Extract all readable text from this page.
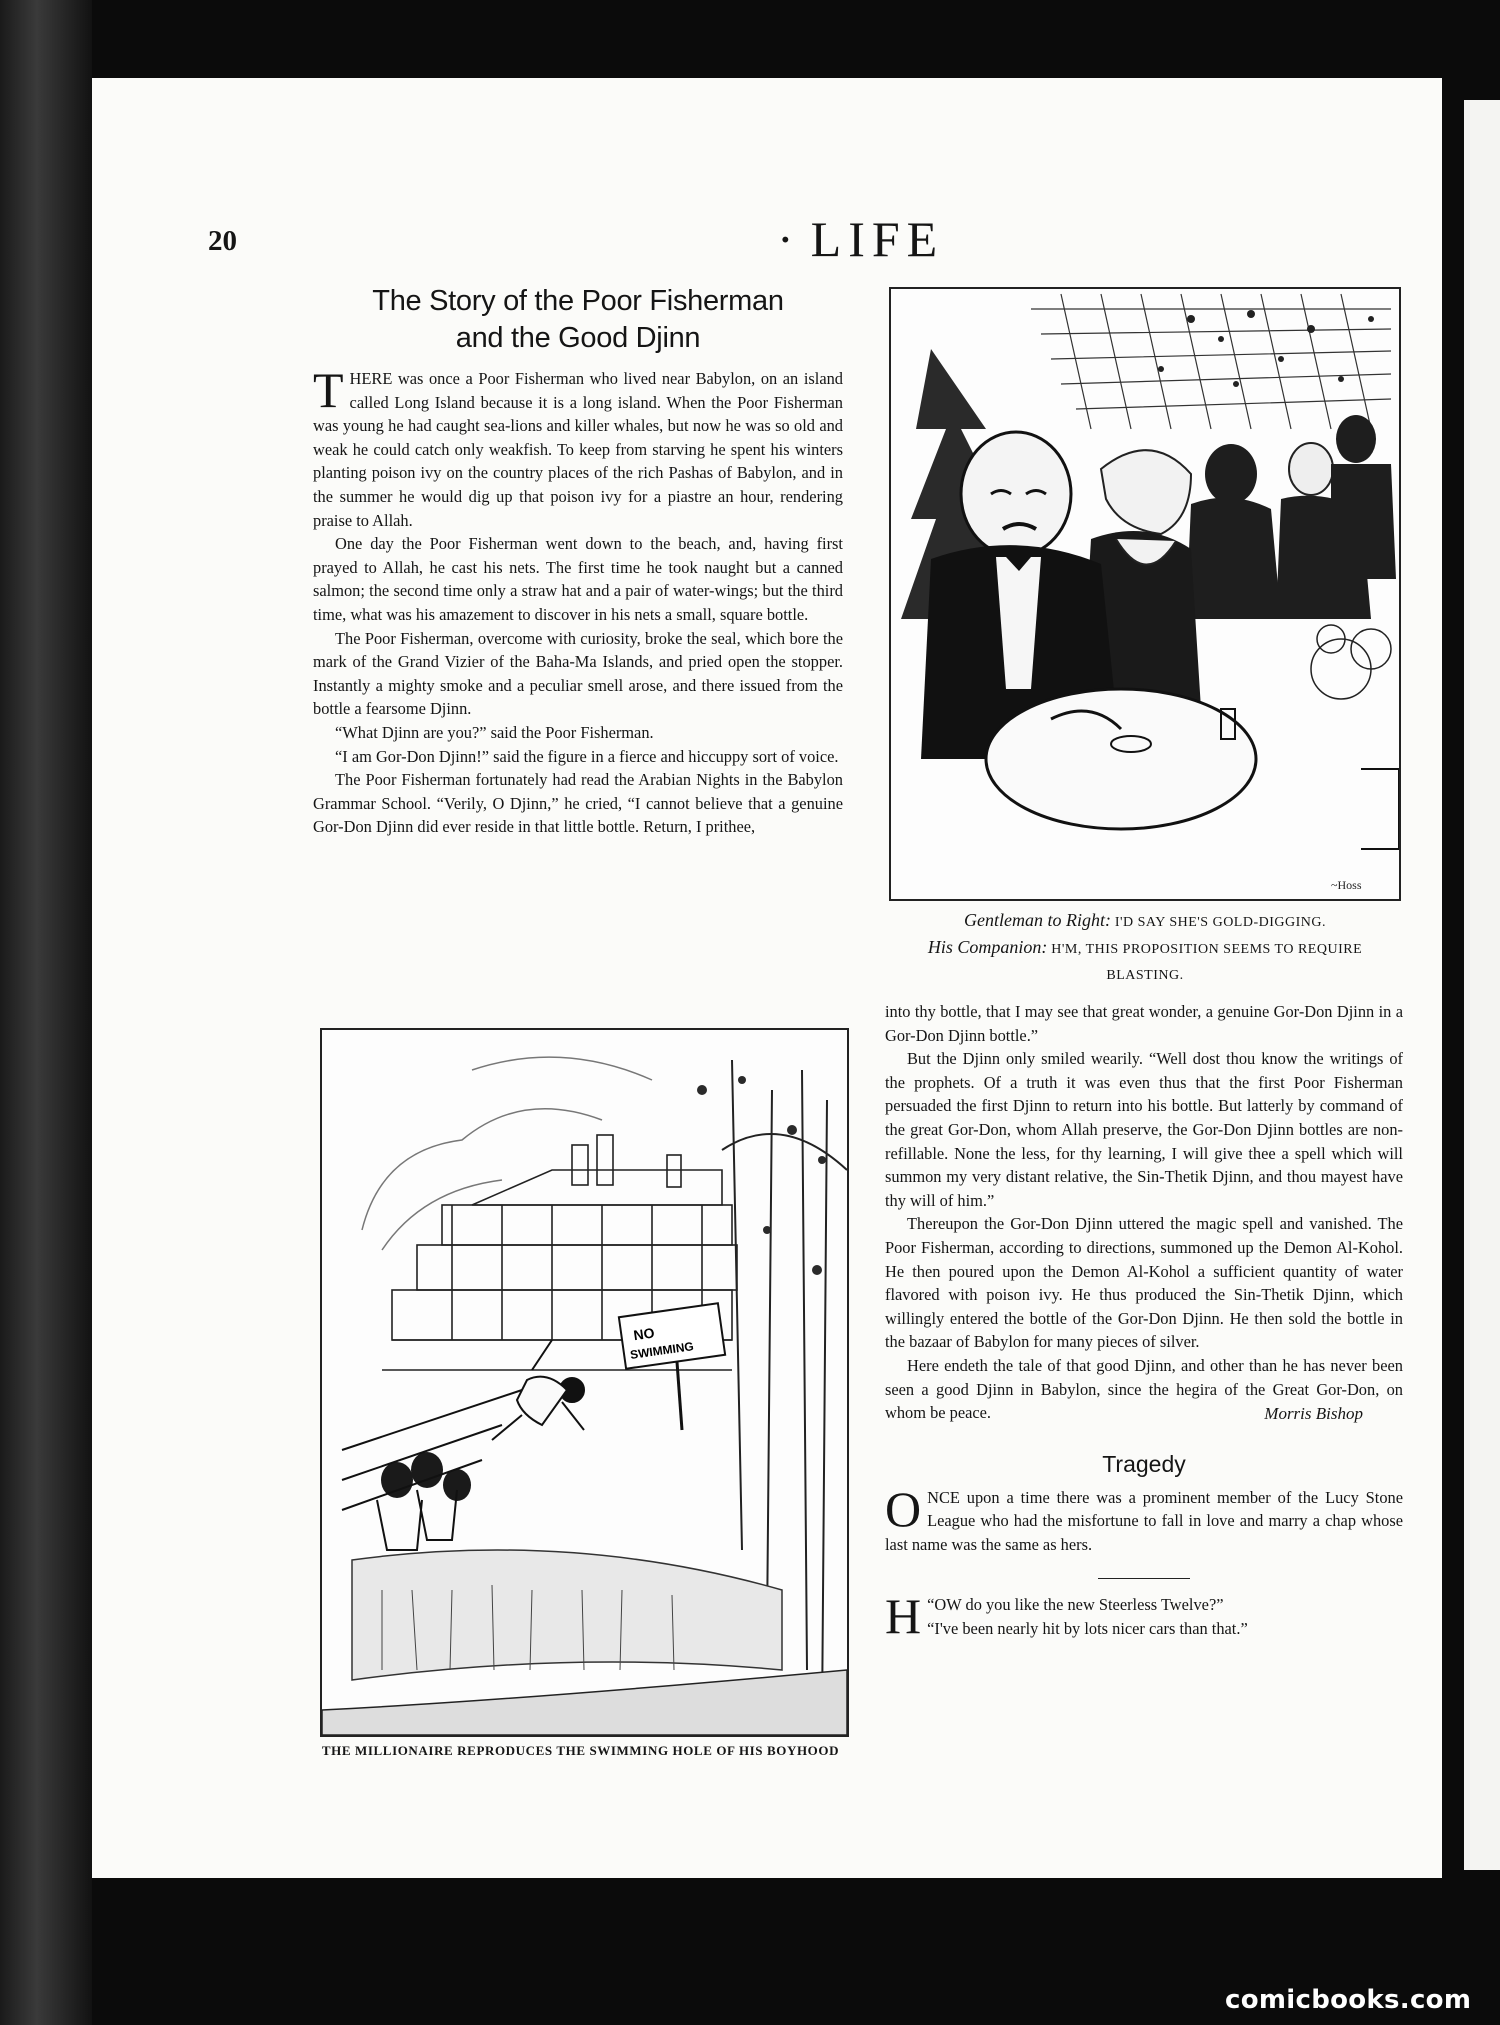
20	· LIFE
The Story of the Poor Fisherman
and the Good Djinn

THERE was once a Poor Fisherman who lived near Babylon, on an island called Long Island because it is a long island. When the Poor Fisherman was young he had caught sea-lions and killer whales, but now he was so old and weak he could catch only weakfish. To keep from starving he spent his winters planting poison ivy on the country places of the rich Pashas of Babylon, and in the summer he would dig up that poison ivy for a piastre an hour, rendering praise to Allah.

One day the Poor Fisherman went down to the beach, and, having first prayed to Allah, he cast his nets. The first time he took naught but a canned salmon; the second time only a straw hat and a pair of water-wings; but the third time, what was his amazement to discover in his nets a small, square bottle.

The Poor Fisherman, overcome with curiosity, broke the seal, which bore the mark of the Grand Vizier of the Baha-Ma Islands, and pried open the stopper. Instantly a mighty smoke and a peculiar smell arose, and there issued from the bottle a fearsome Djinn.

“What Djinn are you?” said the Poor Fisherman.

“I am Gor-Don Djinn!” said the figure in a fierce and hiccuppy sort of voice.

The Poor Fisherman fortunately had read the Arabian Nights in the Babylon Grammar School. “Verily, O Djinn,” he cried, “I cannot believe that a genuine Gor-Don Djinn did ever reside in that little bottle. Return, I prithee,

~Hoss
Gentleman to Right: I'D SAY SHE'S GOLD-DIGGING.
His Companion: H'M, THIS PROPOSITION SEEMS TO REQUIRE BLASTING.
NO
SWIMMING
THE MILLIONAIRE REPRODUCES THE SWIMMING HOLE OF HIS BOYHOOD

into thy bottle, that I may see that great wonder, a genuine Gor-Don Djinn in a Gor-Don Djinn bottle.”

But the Djinn only smiled wearily. “Well dost thou know the writings of the prophets. Of a truth it was even thus that the first Poor Fisherman persuaded the first Djinn to return into his bottle. But latterly by command of the great Gor-Don, whom Allah preserve, the Gor-Don Djinn bottles are non-refillable. None the less, for thy learning, I will give thee a spell which will summon my very distant relative, the Sin-Thetik Djinn, and thou mayest have thy will of him.”

Thereupon the Gor-Don Djinn uttered the magic spell and vanished. The Poor Fisherman, according to directions, summoned up the Demon Al-Kohol. He then poured upon the Demon Al-Kohol a sufficient quantity of water flavored with poison ivy. He thus produced the Sin-Thetik Djinn, which willingly entered the bottle of the Gor-Don Djinn. He then sold the bottle in the bazaar of Babylon for many pieces of silver.

Here endeth the tale of that good Djinn, and other than he has never been seen a good Djinn in Babylon, since the hegira of the Great Gor-Don, on whom be peace.	Morris Bishop
Tragedy

ONCE upon a time there was a prominent member of the Lucy Stone League who had the misfortune to fall in love and marry a chap whose last name was the same as hers.

“
H OW do you like the new Steerless Twelve?”
“I've been nearly hit by lots nicer cars than that.”

comicbooks.com
